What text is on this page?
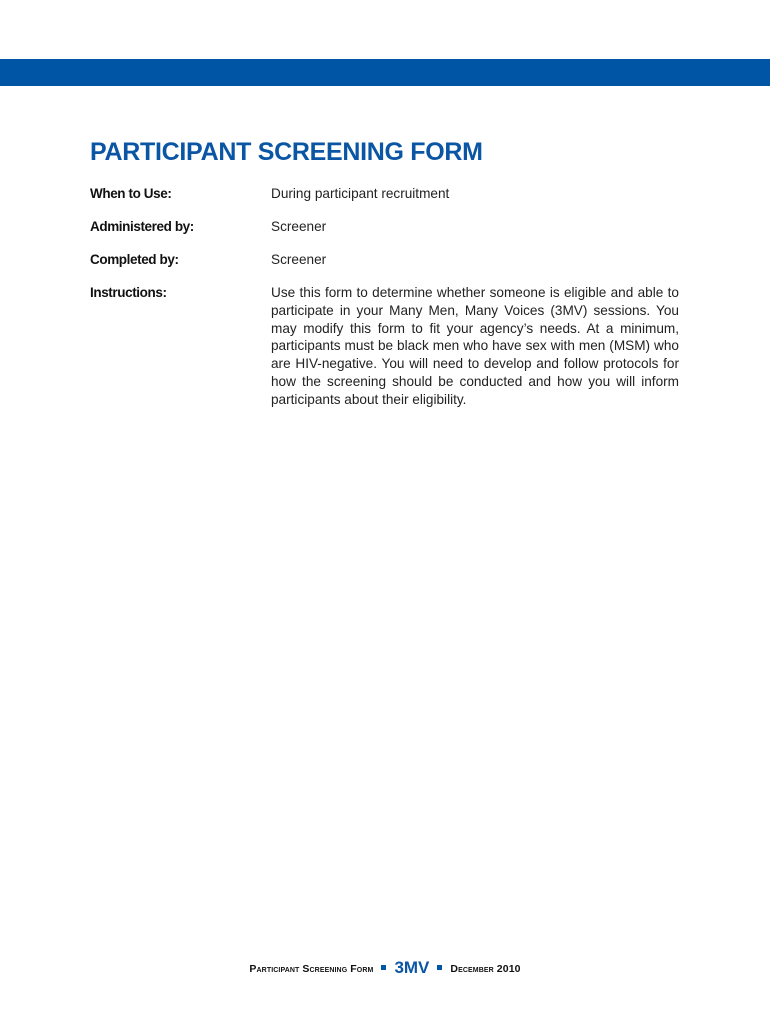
PARTICIPANT SCREENING FORM
When to Use:	During participant recruitment
Administered by:	Screener
Completed by:	Screener
Instructions:	Use this form to determine whether someone is eligible and able to participate in your Many Men, Many Voices (3MV) sessions. You may modify this form to fit your agency’s needs. At a minimum, participants must be black men who have sex with men (MSM) who are HIV-negative. You will need to develop and follow protocols for how the screening should be conducted and how you will inform participants about their eligibility.
Participant Screening Form 3MV December 2010
